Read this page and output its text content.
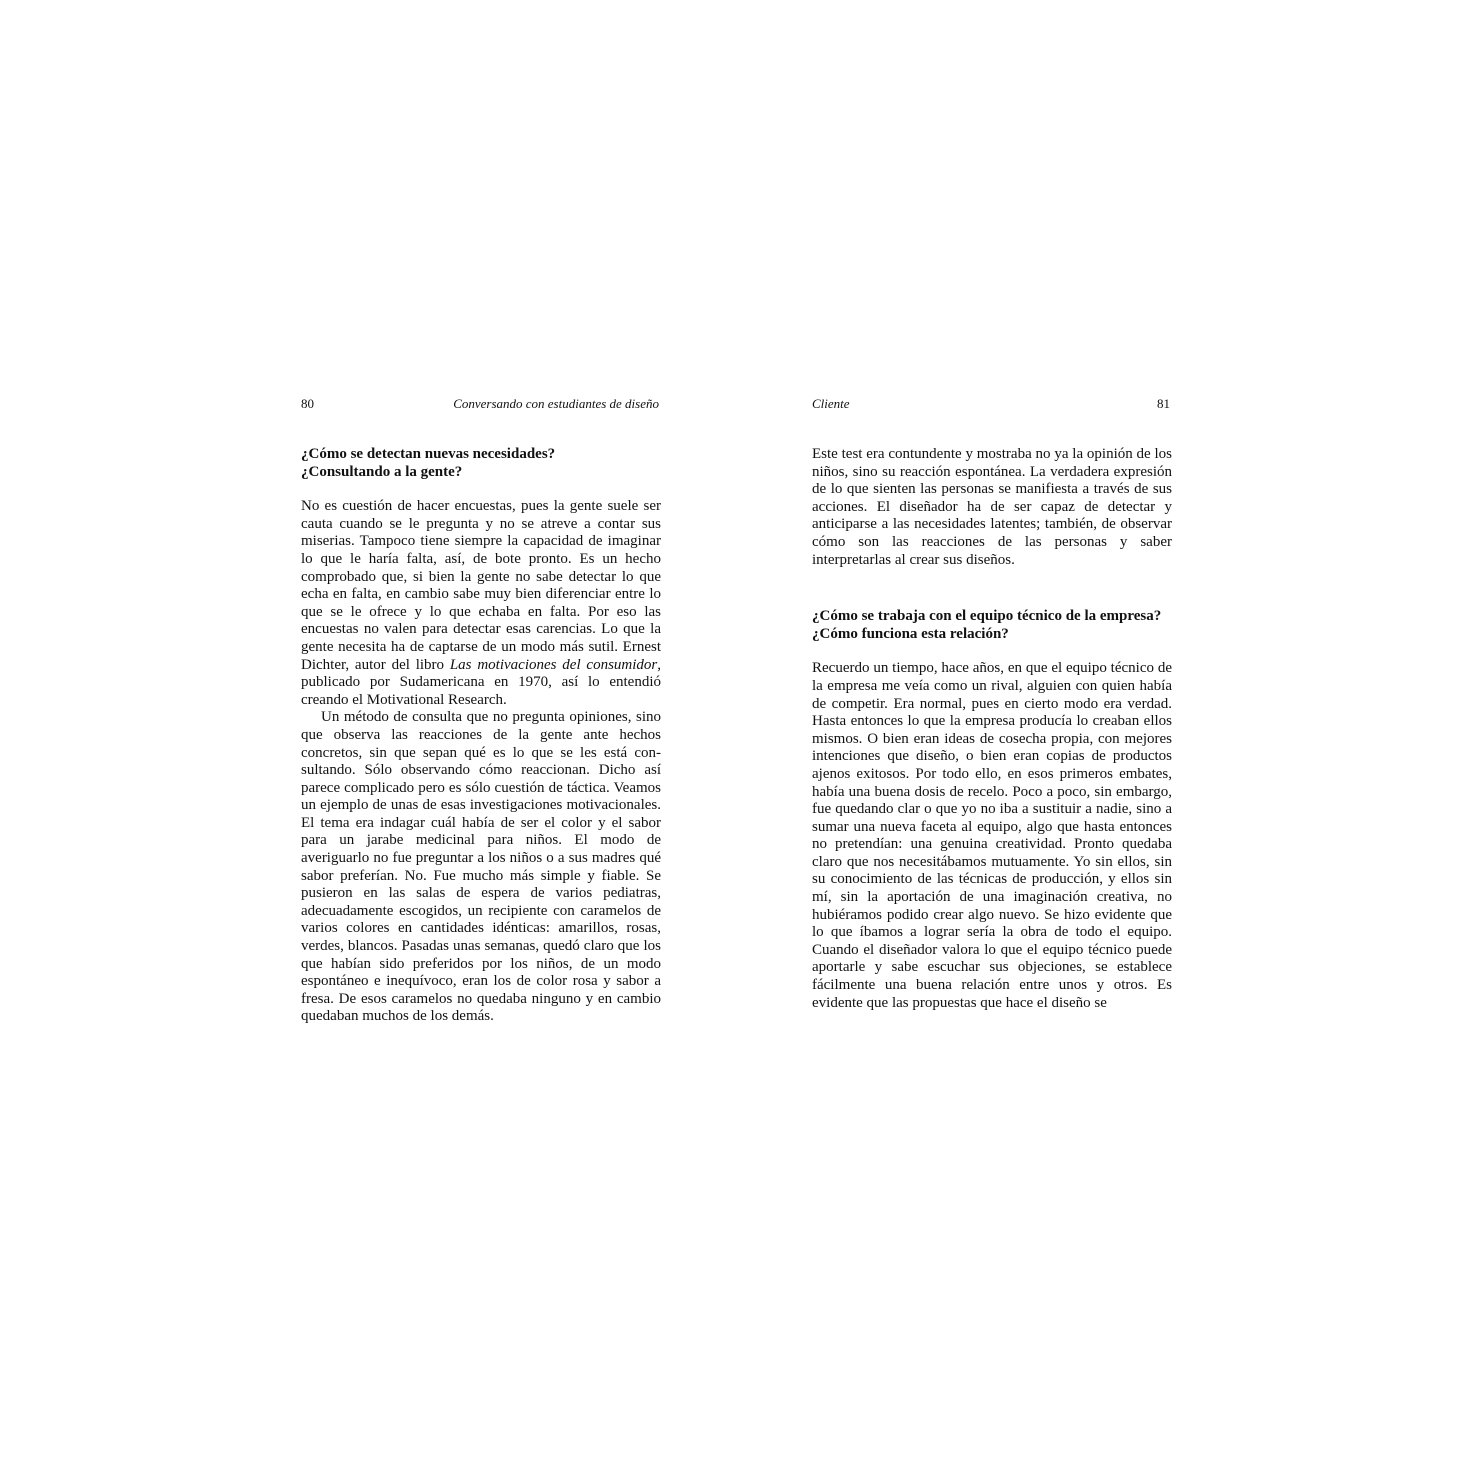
80	Conversando con estudiantes de diseño
¿Cómo se detectan nuevas necesidades?
¿Consultando a la gente?

No es cuestión de hacer encuestas, pues la gente suele ser cauta cuando se le pregunta y no se atreve a contar sus miserias. Tampoco tiene siempre la capacidad de imaginar lo que le haría falta, así, de bote pronto. Es un hecho comprobado que, si bien la gente no sabe detectar lo que echa en falta, en cambio sabe muy bien diferenciar entre lo que se le ofrece y lo que echaba en falta. Por eso las encuestas no valen para detectar esas carencias. Lo que la gente necesita ha de captarse de un modo más sutil. Ernest Dichter, autor del libro Las motivaciones del consumidor, publicado por Sudamericana en 1970, así lo entendió creando el Motivational Research.

Un método de consulta que no pregunta opiniones, sino que observa las reacciones de la gente ante hechos concretos, sin que sepan qué es lo que se les está consultando. Sólo observando cómo reaccionan. Dicho así parece complicado pero es sólo cuestión de táctica. Veamos un ejemplo de unas de esas investigaciones motivacionales. El tema era indagar cuál había de ser el color y el sabor para un jarabe medicinal para niños. El modo de averiguarlo no fue preguntar a los niños o a sus madres qué sabor preferían. No. Fue mucho más simple y fiable. Se pusieron en las salas de espera de varios pediatras, adecuadamente escogidos, un recipiente con caramelos de varios colores en cantidades idénticas: amarillos, rosas, verdes, blancos. Pasadas unas semanas, quedó claro que los que habían sido preferidos por los niños, de un modo espontáneo e inequívoco, eran los de color rosa y sabor a fresa. De esos caramelos no quedaba ninguno y en cambio quedaban muchos de los demás.

Cliente	81

Este test era contundente y mostraba no ya la opinión de los niños, sino su reacción espontánea. La verdadera expresión de lo que sienten las personas se manifiesta a través de sus acciones. El diseñador ha de ser capaz de detectar y anticiparse a las necesidades latentes; también, de observar cómo son las reacciones de las personas y saber interpretarlas al crear sus diseños.

¿Cómo se trabaja con el equipo técnico de la empresa?
¿Cómo funciona esta relación?

Recuerdo un tiempo, hace años, en que el equipo técnico de la empresa me veía como un rival, alguien con quien había de competir. Era normal, pues en cierto modo era verdad. Hasta entonces lo que la empresa producía lo creaban ellos mismos. O bien eran ideas de cosecha propia, con mejores intenciones que diseño, o bien eran copias de productos ajenos exitosos. Por todo ello, en esos primeros embates, había una buena dosis de recelo. Poco a poco, sin embargo, fue quedando clar o que yo no iba a sustituir a nadie, sino a sumar una nueva faceta al equipo, algo que hasta entonces no pretendían: una genuina creatividad. Pronto quedaba claro que nos necesitábamos mutuamente. Yo sin ellos, sin su conocimiento de las técnicas de producción, y ellos sin mí, sin la aportación de una imaginación creativa, no hubiéramos podido crear algo nuevo. Se hizo evidente que lo que íbamos a lograr sería la obra de todo el equipo. Cuando el diseñador valora lo que el equipo técnico puede aportarle y sabe escuchar sus objeciones, se establece fácilmente una buena relación entre unos y otros. Es evidente que las propuestas que hace el diseño se
